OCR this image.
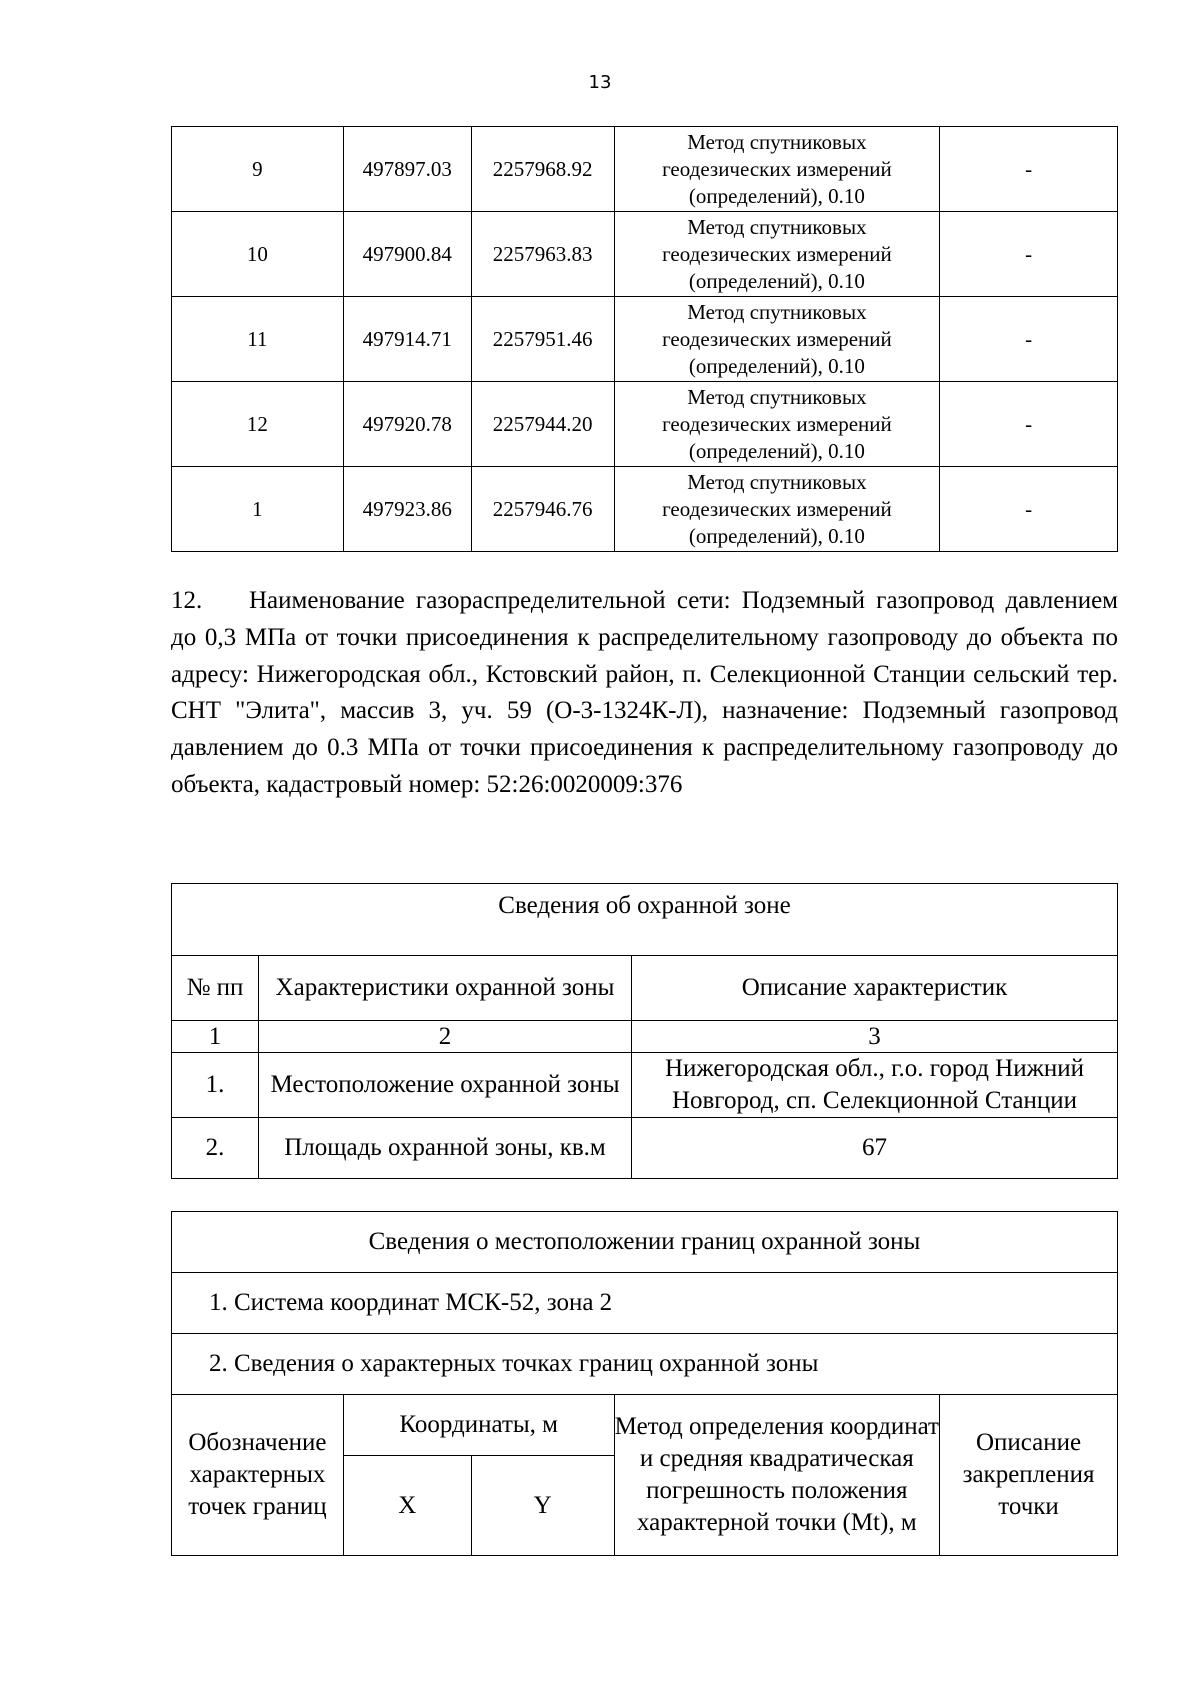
13
9	497897.03	2257968.92	Метод спутниковых
геодезических измерений
(определений), 0.10	-
10	497900.84	2257963.83	Метод спутниковых
геодезических измерений
(определений), 0.10	-
11	497914.71	2257951.46	Метод спутниковых
геодезических измерений
(определений), 0.10	-
12	497920.78	2257944.20	Метод спутниковых
геодезических измерений
(определений), 0.10	-
1	497923.86	2257946.76	Метод спутниковых
геодезических измерений
(определений), 0.10	-
12. Наименование газораспределительной сети: Подземный газопровод давлением до 0,3 МПа от точки присоединения к распределительному газопроводу до объекта по адресу: Нижегородская обл., Кстовский район, п. Селекционной Станции сельский тер. СНТ "Элита", массив 3, уч. 59 (О-3-1324К-Л), назначение: Подземный газопровод давлением до 0.3 МПа от точки присоединения к распределительному газопроводу до объекта, кадастровый номер: 52:26:0020009:376
Сведения об охранной зоне		
№ пп	Характеристики охранной зоны	Описание характеристик
1	2	3
1.	Местоположение охранной зоны	Нижегородская обл., г.о. город Нижний Новгород, сп. Селекционной Станции
2.	Площадь охранной зоны, кв.м	67
Сведения о местоположении границ охранной зоны				
1. Система координат МСК-52, зона 2				
2. Сведения о характерных точках границ охранной зоны				
Обозначение характерных точек границ	Координаты, м		Метод определения координат и средняя квадратическая погрешность положения характерной точки (Mt), м	Описание закрепления точки
	X	Y		
